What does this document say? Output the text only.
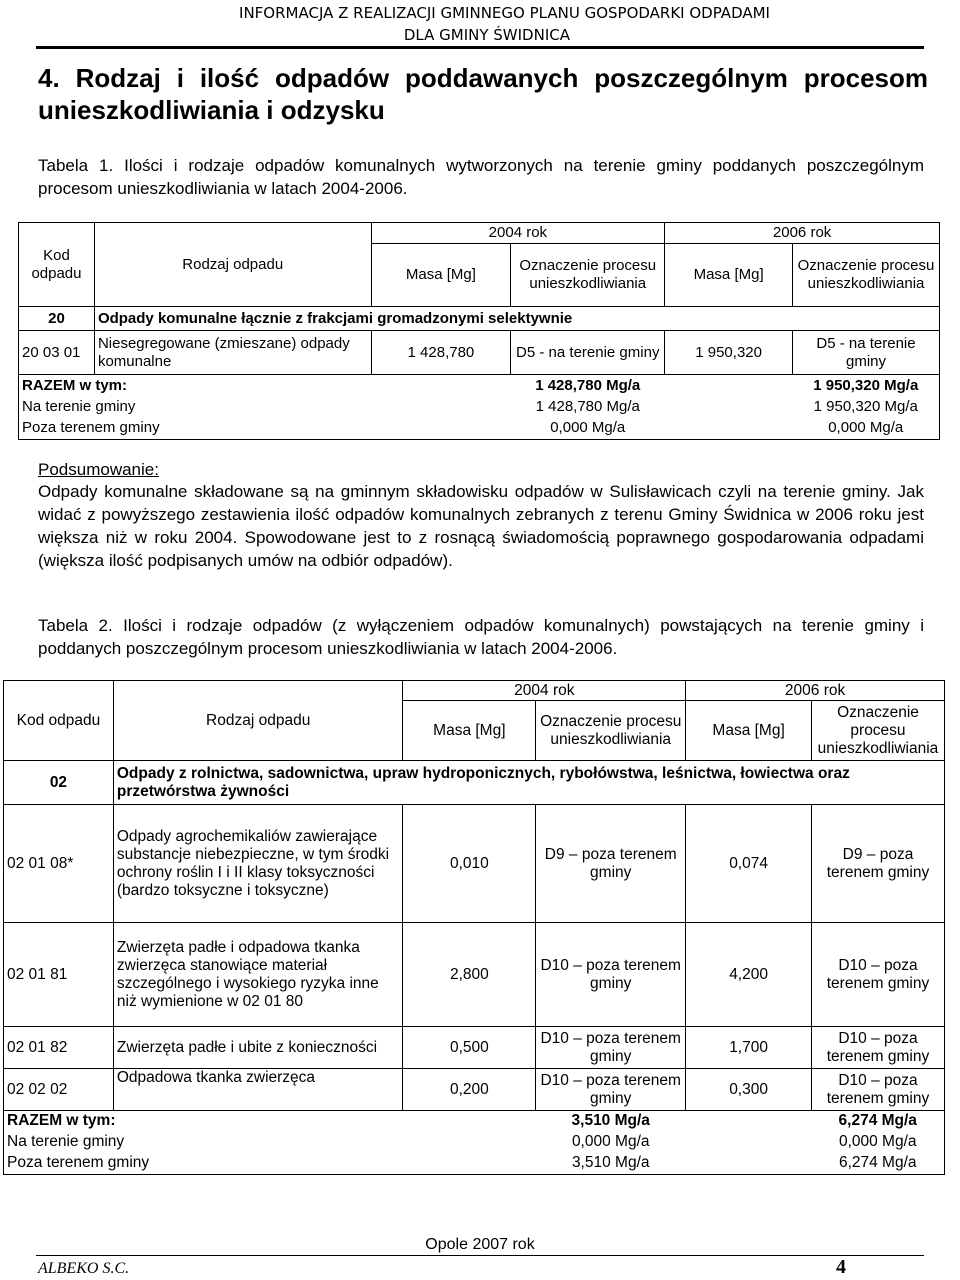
INFORMACJA Z REALIZACJI GMINNEGO PLANU GOSPODARKI ODPADAMI
DLA GMINY ŚWIDNICA
4. Rodzaj i ilość odpadów poddawanych poszczególnym procesom unieszkodliwiania i odzysku
Tabela 1. Ilości i rodzaje odpadów komunalnych wytworzonych na terenie gminy poddanych poszczególnym procesom unieszkodliwiania w latach 2004-2006.
Kod odpadu	Rodzaj odpadu	2004 rok		2006 rok	
		Masa [Mg]	Oznaczenie procesu unieszkodliwiania	Masa [Mg]	Oznaczenie procesu unieszkodliwiania
20	Odpady komunalne łącznie z frakcjami gromadzonymi selektywnie				
20 03 01	Niesegregowane (zmieszane) odpady komunalne	1 428,780	D5 - na terenie gminy	1 950,320	D5 - na terenie gminy
RAZEM w tym:			1 428,780 Mg/a		1 950,320 Mg/a
Na terenie gminy			1 428,780 Mg/a		1 950,320 Mg/a
Poza terenem gminy			0,000 Mg/a		0,000 Mg/a
Podsumowanie:
Odpady komunalne składowane są na gminnym składowisku odpadów w Sulisławicach czyli na terenie gminy. Jak widać z powyższego zestawienia ilość odpadów komunalnych zebranych z terenu Gminy Świdnica w 2006 roku jest większa niż w roku 2004. Spowodowane jest to z rosnącą świadomością poprawnego gospodarowania odpadami (większa ilość podpisanych umów na odbiór odpadów).
Tabela 2. Ilości i rodzaje odpadów (z wyłączeniem odpadów komunalnych) powstających na terenie gminy i poddanych poszczególnym procesom unieszkodliwiania w latach 2004-2006.
Kod odpadu	Rodzaj odpadu	2004 rok		2006 rok	
		Masa [Mg]	Oznaczenie procesu unieszkodliwiania	Masa [Mg]	Oznaczenie procesu unieszkodliwiania
02	Odpady z rolnictwa, sadownictwa, upraw hydroponicznych, rybołówstwa, leśnictwa, łowiectwa oraz przetwórstwa żywności				
02 01 08*	Odpady agrochemikaliów zawierające substancje niebezpieczne, w tym środki ochrony roślin I i II klasy toksyczności (bardzo toksyczne i toksyczne)	0,010	D9 – poza terenem gminy	0,074	D9 – poza terenem gminy
02 01 81	Zwierzęta padłe i odpadowa tkanka zwierzęca stanowiące materiał szczególnego i wysokiego ryzyka inne niż wymienione w 02 01 80	2,800	D10 – poza terenem gminy	4,200	D10 – poza terenem gminy
02 01 82	Zwierzęta padłe i ubite z konieczności	0,500	D10 – poza terenem gminy	1,700	D10 – poza terenem gminy
02 02 02	Odpadowa tkanka zwierzęca	0,200	D10 – poza terenem gminy	0,300	D10 – poza terenem gminy
RAZEM w tym:			3,510 Mg/a		6,274 Mg/a
Na terenie gminy			0,000 Mg/a		0,000 Mg/a
Poza terenem gminy			3,510 Mg/a		6,274 Mg/a
Opole 2007 rok
ALBEKO S.C.	4
